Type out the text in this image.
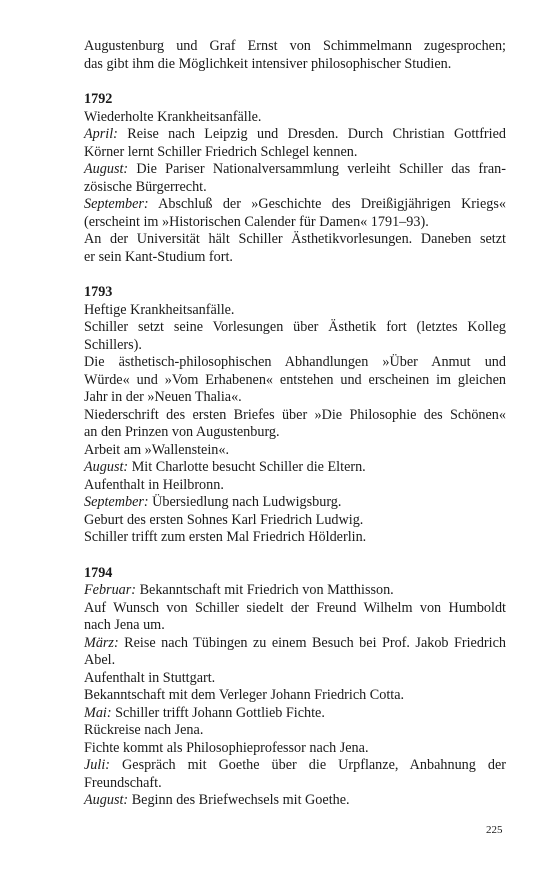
Augustenburg und Graf Ernst von Schimmelmann zugesprochen;
das gibt ihm die Möglichkeit intensiver philosophischer Studien.
1792
Wiederholte Krankheitsanfälle.
April: Reise nach Leipzig und Dresden. Durch Christian Gottfried
Körner lernt Schiller Friedrich Schlegel kennen.
August: Die Pariser Nationalversammlung verleiht Schiller das fran-
zösische Bürgerrecht.
September: Abschluß der »Geschichte des Dreißigjährigen Kriegs«
(erscheint im »Historischen Calender für Damen« 1791–93).
An der Universität hält Schiller Ästhetikvorlesungen. Daneben setzt
er sein Kant-Studium fort.
1793
Heftige Krankheitsanfälle.
Schiller setzt seine Vorlesungen über Ästhetik fort (letztes Kolleg
Schillers).
Die ästhetisch-philosophischen Abhandlungen »Über Anmut und
Würde« und »Vom Erhabenen« entstehen und erscheinen im gleichen
Jahr in der »Neuen Thalia«.
Niederschrift des ersten Briefes über »Die Philosophie des Schönen«
an den Prinzen von Augustenburg.
Arbeit am »Wallenstein«.
August: Mit Charlotte besucht Schiller die Eltern.
Aufenthalt in Heilbronn.
September: Übersiedlung nach Ludwigsburg.
Geburt des ersten Sohnes Karl Friedrich Ludwig.
Schiller trifft zum ersten Mal Friedrich Hölderlin.
1794
Februar: Bekanntschaft mit Friedrich von Matthisson.
Auf Wunsch von Schiller siedelt der Freund Wilhelm von Humboldt
nach Jena um.
März: Reise nach Tübingen zu einem Besuch bei Prof. Jakob Friedrich
Abel.
Aufenthalt in Stuttgart.
Bekanntschaft mit dem Verleger Johann Friedrich Cotta.
Mai: Schiller trifft Johann Gottlieb Fichte.
Rückreise nach Jena.
Fichte kommt als Philosophieprofessor nach Jena.
Juli: Gespräch mit Goethe über die Urpflanze, Anbahnung der
Freundschaft.
August: Beginn des Briefwechsels mit Goethe.
225
